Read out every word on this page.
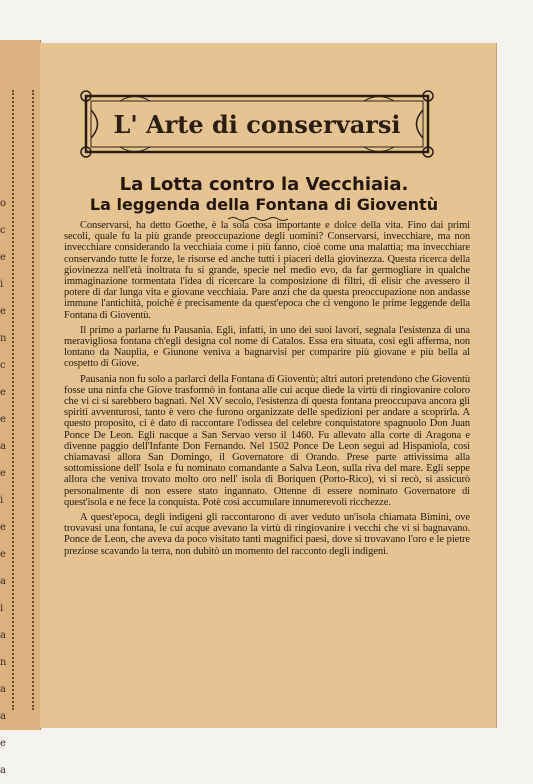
o
c
e
i
e
n
c
e
e
a
e
i
e
e
a
i
a
n
a
a
e
a
L' Arte di conservarsi
La Lotta contro la Vecchiaia.
La leggenda della Fontana di Gioventù

Conservarsi, ha detto Goethe, è la sola cosa importante e dolce della vita. Fino dai primi secoli, quale fu la più grande preoccupazione degli uomini? Conservarsi, invecchiare, ma non invecchiare considerando la vecchiaia come i più fanno, cioè come una malattia; ma invecchiare conservando tutte le forze, le risorse ed anche tutti i piaceri della giovinezza. Questa ricerca della giovinezza nell'età inoltrata fu sì grande, specie nel medio evo, da far germogliare in qualche immaginazione tormentata l'idea di ricercare la composizione di filtri, di elisir che avessero il potere di dar lunga vita e giovane vecchiaia. Pare anzi che da questa preoccupazione non andasse immune l'antichità, poichè è precisamente da quest'epoca che ci vengono le prime leggende della Fontana di Gioventù.

Il primo a parlarne fu Pausania. Egli, infatti, in uno dei suoi lavori, segnala l'esistenza di una meravigliosa fontana ch'egli designa col nome di Catalos. Essa era situata, così egli afferma, non lontano da Nauplia, e Giunone veniva a bagnarvisi per comparire più giovane e più bella al cospetto di Giove.

Pausania non fu solo a parlarci della Fontana di Gioventù; altri autori pretendono che Gioventù fosse una ninfa che Giove trasformò in fontana alle cui acque diede la virtù di ringiovanire coloro che vi ci si sarebbero bagnati. Nel XV secolo, l'esistenza di questa fontana preoccupava ancora gli spiriti avventurosi, tanto è vero che furono organizzate delle spedizioni per andare a scoprirla. A questo proposito, ci è dato di raccontare l'odissea del celebre conquistatore spagnuolo Don Juan Ponce De Leon. Egli nacque a San Servao verso il 1460. Fu allevato alla corte di Aragona e divenne paggio dell'Infante Don Fernando. Nel 1502 Ponce De Leon seguì ad Hispaniola, così chiamavasi allora San Domingo, il Governatore di Orando. Prese parte attivissima alla sottomissione dell' Isola e fu nominato comandante a Salva Leon, sulla riva del mare. Egli seppe allora che veniva trovato molto oro nell' isola di Boriquen (Porto-Rico), vi si recò, si assicurò personalmente di non essere stato ingannato. Ottenne di essere nominato Governatore di quest'isola e ne fece la conquista. Potè così accumulare innumerevoli ricchezze.

A quest'epoca, degli indigeni gli raccontarono di aver veduto un'isola chiamata Bimini, ove trovavasi una fontana, le cui acque avevano la virtù di ringiovanire i vecchi che vi si bagnavano. Ponce de Leon, che aveva da poco visitato tanti magnifici paesi, dove si trovavano l'oro e le pietre preziose scavando la terra, non dubitò un momento del racconto degli indigeni.
